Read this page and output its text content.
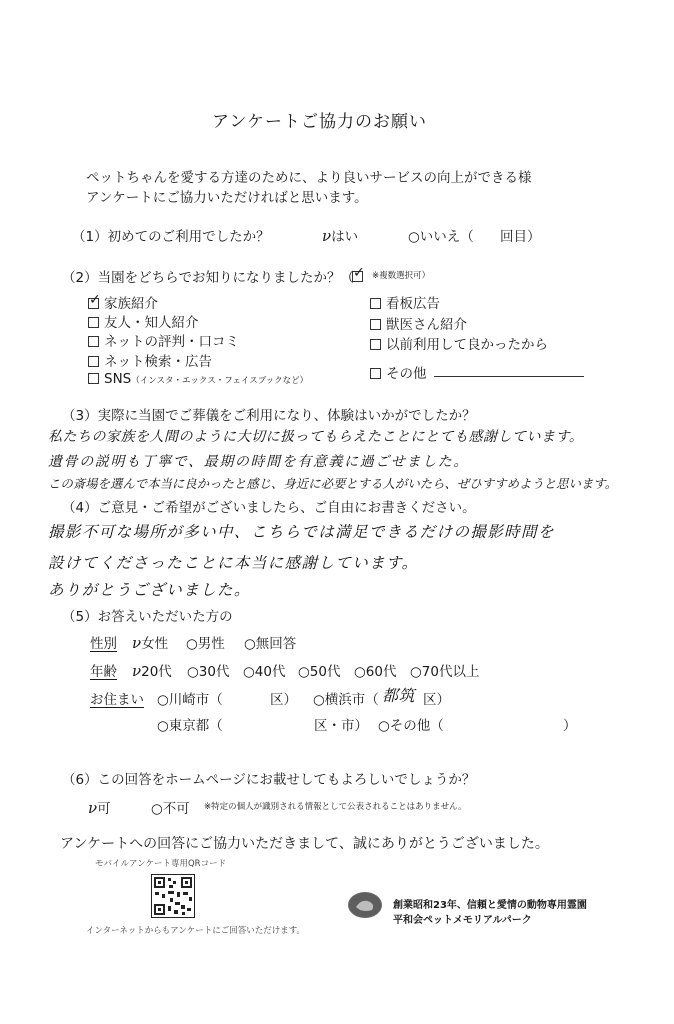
アンケートご協力のお願い
ペットちゃんを愛する方達のために、より良いサービスの向上ができる様
アンケートにご協力いただければと思います。
（1）初めてのご利用でしたか？	νはい	○いいえ（ 回目）
（2）当園をどちらでお知りになりましたか？（ ✓ ※複数選択可）
✓ 家族紹介
友人・知人紹介
ネットの評判・口コミ
ネット検索・広告
SNS（インスタ・エックス・フェイスブックなど）
看板広告
獣医さん紹介
以前利用して良かったから
その他
（3）実際に当園でご葬儀をご利用になり、体験はいかがでしたか？
私たちの家族を人間のように大切に扱ってもらえたことにとても感謝しています。
遺骨の説明も丁寧で、最期の時間を有意義に過ごせました。
この斎場を選んで本当に良かったと感じ、身近に必要とする人がいたら、ぜひすすめようと思います。
（4）ご意見・ご希望がございましたら、ご自由にお書きください。
撮影不可な場所が多い中、こちらでは満足できるだけの撮影時間を
設けてくださったことに本当に感謝しています。
ありがとうございました。
（5）お答えいただいた方の
性別 ν女性 ○男性 ○無回答
年齢 ν20代 ○30代 ○40代 ○50代 ○60代 ○70代以上
お住まい ○川崎市（	区） ○横浜市（ 都筑 区）
○東京都（	区・市） ○その他（	）
（6）この回答をホームページにお載せしてもよろしいでしょうか？
ν可	○不可 ※特定の個人が識別される情報として公表されることはありません。
アンケートへの回答にご協力いただきまして、誠にありがとうございました。
モバイルアンケート専用QRコード
インターネットからもアンケートにご回答いただけます。
創業昭和23年、信頼と愛情の動物専用霊園
平和会ペットメモリアルパーク
